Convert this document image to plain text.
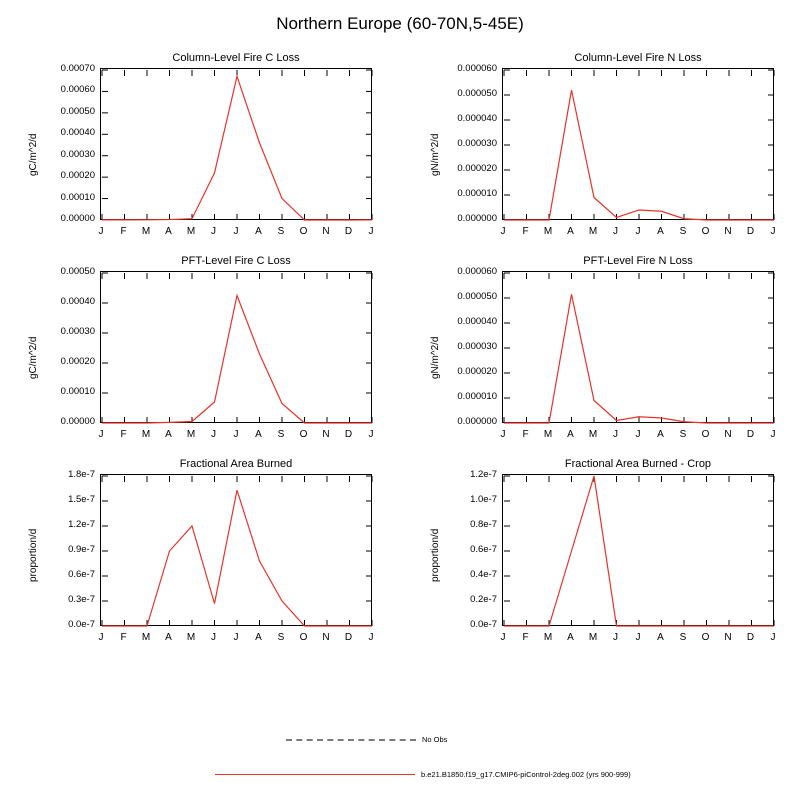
Northern Europe (60-70N,5-45E)
Column-Level Fire C Loss
0.00000
0.00010
0.00020
0.00030
0.00040
0.00050
0.00060
0.00070
J	F	M	A	M	J	J	A	S	O	N	D	J
gC/m^2/d
Column-Level Fire N Loss
0.000000
0.000010
0.000020
0.000030
0.000040
0.000050
0.000060
J	F	M	A	M	J	J	A	S	O	N	D	J
gN/m^2/d
PFT-Level Fire C Loss
0.00000
0.00010
0.00020
0.00030
0.00040
0.00050
J	F	M	A	M	J	J	A	S	O	N	D	J
gC/m^2/d
PFT-Level Fire N Loss
0.000000
0.000010
0.000020
0.000030
0.000040
0.000050
0.000060
J	F	M	A	M	J	J	A	S	O	N	D	J
gN/m^2/d
Fractional Area Burned
0.0e-7
0.3e-7
0.6e-7
0.9e-7
1.2e-7
1.5e-7
1.8e-7
J	F	M	A	M	J	J	A	S	O	N	D	J
proportion/d
Fractional Area Burned - Crop
0.0e-7
0.2e-7
0.4e-7
0.6e-7
0.8e-7
1.0e-7
1.2e-7
J	F	M	A	M	J	J	A	S	O	N	D	J
proportion/d
No Obs
b.e21.B1850.f19_g17.CMIP6-piControl-2deg.002 (yrs 900-999)
